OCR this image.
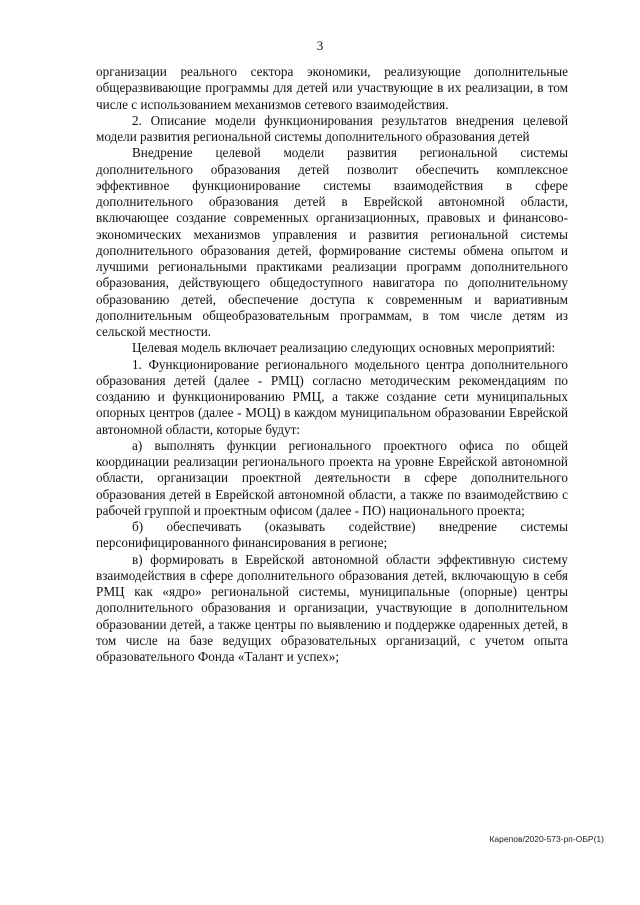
3

организации реального сектора экономики, реализующие дополнительные общеразвивающие программы для детей или участвующие в их реализации, в том числе с использованием механизмов сетевого взаимодействия.

2. Описание модели функционирования результатов внедрения целевой модели развития региональной системы дополнительного образования детей

Внедрение целевой модели развития региональной системы дополнительного образования детей позволит обеспечить комплексное эффективное функционирование системы взаимодействия в сфере дополнительного образования детей в Еврейской автономной области, включающее создание современных организационных, правовых и финансово-экономических механизмов управления и развития региональной системы дополнительного образования детей, формирование системы обмена опытом и лучшими региональными практиками реализации программ дополнительного образования, действующего общедоступного навигатора по дополнительному образованию детей, обеспечение доступа к современным и вариативным дополнительным общеобразовательным программам, в том числе детям из сельской местности.

Целевая модель включает реализацию следующих основных мероприятий:

1. Функционирование регионального модельного центра дополнительного образования детей (далее - РМЦ) согласно методическим рекомендациям по созданию и функционированию РМЦ, а также создание сети муниципальных опорных центров (далее - МОЦ) в каждом муниципальном образовании Еврейской автономной области, которые будут:

а) выполнять функции регионального проектного офиса по общей координации реализации регионального проекта на уровне Еврейской автономной области, организации проектной деятельности в сфере дополнительного образования детей в Еврейской автономной области, а также по взаимодействию с рабочей группой и проектным офисом (далее - ПО) национального проекта;

б) обеспечивать (оказывать содействие) внедрение системы персонифицированного финансирования в регионе;

в) формировать в Еврейской автономной области эффективную систему взаимодействия в сфере дополнительного образования детей, включающую в себя РМЦ как «ядро» региональной системы, муниципальные (опорные) центры дополнительного образования и организации, участвующие в дополнительном образовании детей, а также центры по выявлению и поддержке одаренных детей, в том числе на базе ведущих образовательных организаций, с учетом опыта образовательного Фонда «Талант и успех»;

Карепов/2020-573-рп-ОБР(1)
